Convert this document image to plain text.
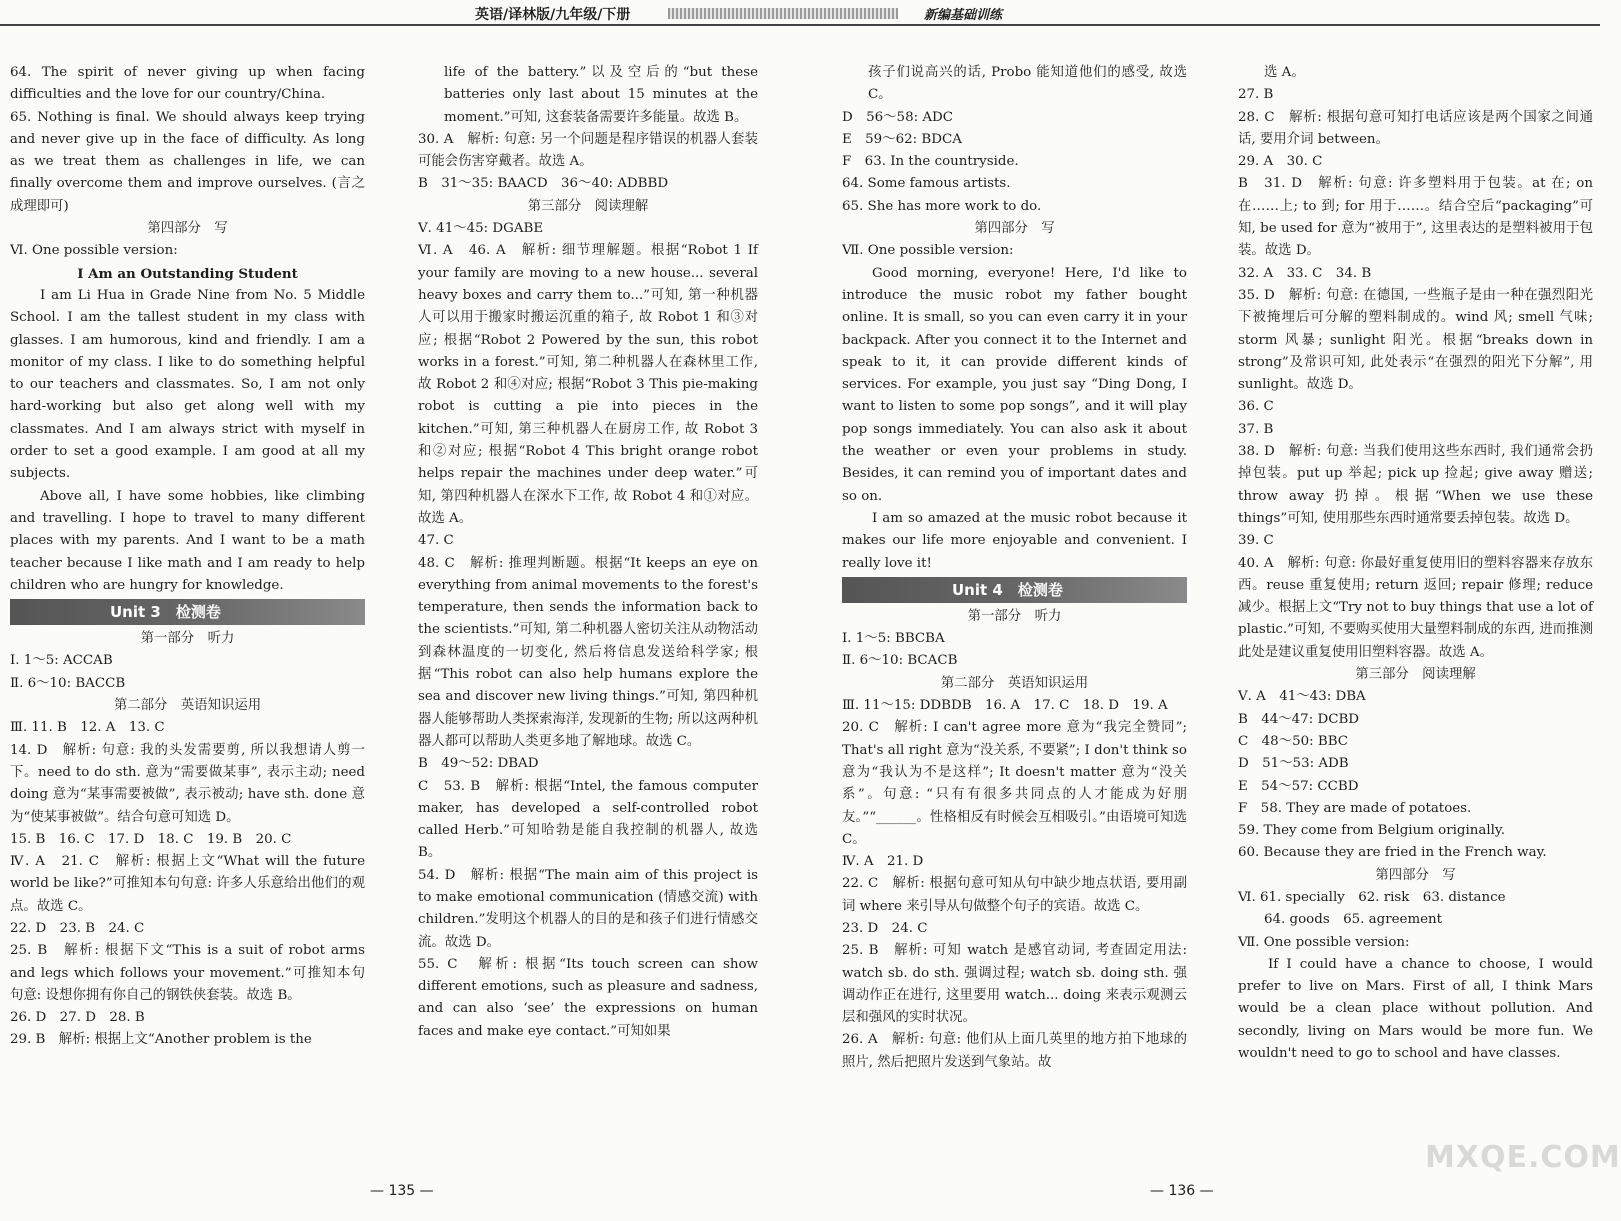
英语/译林版/九年级/下册	新编基础训练

64. The spirit of never giving up when facing difficulties and the love for our country/China.

65. Nothing is final. We should always keep trying and never give up in the face of difficulty. As long as we treat them as challenges in life, we can finally overcome them and improve ourselves. (言之成理即可)

第四部分　写

Ⅵ. One possible version:

I Am an Outstanding Student

I am Li Hua in Grade Nine from No. 5 Middle School. I am the tallest student in my class with glasses. I am humorous, kind and friendly. I am a monitor of my class. I like to do something helpful to our teachers and classmates. So, I am not only hard-working but also get along well with my classmates. And I am always strict with myself in order to set a good example. I am good at all my subjects.

Above all, I have some hobbies, like climbing and travelling. I hope to travel to many different places with my parents. And I want to be a math teacher because I like math and I am ready to help children who are hungry for knowledge.

Unit 3　检测卷

第一部分　听力

Ⅰ. 1～5: ACCAB

Ⅱ. 6～10: BACCB

第二部分　英语知识运用

Ⅲ. 11. B　12. A　13. C

14. D　解析: 句意: 我的头发需要剪, 所以我想请人剪一下。need to do sth. 意为“需要做某事”, 表示主动; need doing 意为“某事需要被做”, 表示被动; have sth. done 意为“使某事被做”。结合句意可知选 D。

15. B　16. C　17. D　18. C　19. B　20. C

Ⅳ. A　21. C　解析: 根据上文“What will the future world be like?”可推知本句句意: 许多人乐意给出他们的观点。故选 C。

22. D　23. B　24. C

25. B　解析: 根据下文“This is a suit of robot arms and legs which follows your movement.”可推知本句句意: 设想你拥有你自己的钢铁侠套装。故选 B。

26. D　27. D　28. B

29. B　解析: 根据上文“Another problem is the

life of the battery.”以及空后的“but these batteries only last about 15 minutes at the moment.”可知, 这套装备需要许多能量。故选 B。

30. A　解析: 句意: 另一个问题是程序错误的机器人套装可能会伤害穿戴者。故选 A。

B　31～35: BAACD　36～40: ADBBD

第三部分　阅读理解

Ⅴ. 41～45: DGABE

Ⅵ. A　46. A　解析: 细节理解题。根据“Robot 1 If your family are moving to a new house... several heavy boxes and carry them to...”可知, 第一种机器人可以用于搬家时搬运沉重的箱子, 故 Robot 1 和③对应; 根据“Robot 2 Powered by the sun, this robot works in a forest.”可知, 第二种机器人在森林里工作, 故 Robot 2 和④对应; 根据“Robot 3 This pie-making robot is cutting a pie into pieces in the kitchen.”可知, 第三种机器人在厨房工作, 故 Robot 3 和②对应; 根据“Robot 4 This bright orange robot helps repair the machines under deep water.”可知, 第四种机器人在深水下工作, 故 Robot 4 和①对应。故选 A。

47. C

48. C　解析: 推理判断题。根据“It keeps an eye on everything from animal movements to the forest's temperature, then sends the information back to the scientists.”可知, 第二种机器人密切关注从动物活动到森林温度的一切变化, 然后将信息发送给科学家; 根据“This robot can also help humans explore the sea and discover new living things.”可知, 第四种机器人能够帮助人类探索海洋, 发现新的生物; 所以这两种机器人都可以帮助人类更多地了解地球。故选 C。

B　49～52: DBAD

C　53. B　解析: 根据“Intel, the famous computer maker, has developed a self-controlled robot called Herb.”可知哈勃是能自我控制的机器人, 故选 B。

54. D　解析: 根据“The main aim of this project is to make emotional communication (情感交流) with children.”发明这个机器人的目的是和孩子们进行情感交流。故选 D。

55. C　解析: 根据“Its touch screen can show different emotions, such as pleasure and sadness, and can also ‘see’ the expressions on human faces and make eye contact.”可知如果

孩子们说高兴的话, Probo 能知道他们的感受, 故选 C。

D　56～58: ADC

E　59～62: BDCA

F　63. In the countryside.

64. Some famous artists.

65. She has more work to do.

第四部分　写

Ⅶ. One possible version:

Good morning, everyone! Here, I'd like to introduce the music robot my father bought online. It is small, so you can even carry it in your backpack. After you connect it to the Internet and speak to it, it can provide different kinds of services. For example, you just say “Ding Dong, I want to listen to some pop songs”, and it will play pop songs immediately. You can also ask it about the weather or even your problems in study. Besides, it can remind you of important dates and so on.

I am so amazed at the music robot because it makes our life more enjoyable and convenient. I really love it!

Unit 4　检测卷

第一部分　听力

Ⅰ. 1～5: BBCBA

Ⅱ. 6～10: BCACB

第二部分　英语知识运用

Ⅲ. 11～15: DDBDB　16. A　17. C　18. D　19. A

20. C　解析: I can't agree more 意为“我完全赞同”; That's all right 意为“没关系, 不要紧”; I don't think so 意为“我认为不是这样”; It doesn't matter 意为“没关系”。句意: “只有有很多共同点的人才能成为好朋友。”“______。性格相反有时候会互相吸引。”由语境可知选 C。

Ⅳ. A　21. D

22. C　解析: 根据句意可知从句中缺少地点状语, 要用副词 where 来引导从句做整个句子的宾语。故选 C。

23. D　24. C

25. B　解析: 可知 watch 是感官动词, 考查固定用法: watch sb. do sth. 强调过程; watch sb. doing sth. 强调动作正在进行, 这里要用 watch... doing 来表示观测云层和强风的实时状况。

26. A　解析: 句意: 他们从上面几英里的地方拍下地球的照片, 然后把照片发送到气象站。故

选 A。

27. B

28. C　解析: 根据句意可知打电话应该是两个国家之间通话, 要用介词 between。

29. A　30. C

B　31. D　解析: 句意: 许多塑料用于包装。at 在; on 在……上; to 到; for 用于……。结合空后“packaging”可知, be used for 意为“被用于”, 这里表达的是塑料被用于包装。故选 D。

32. A　33. C　34. B

35. D　解析: 句意: 在德国, 一些瓶子是由一种在强烈阳光下被掩埋后可分解的塑料制成的。wind 风; smell 气味; storm 风暴; sunlight 阳光。根据“breaks down in strong”及常识可知, 此处表示“在强烈的阳光下分解”, 用 sunlight。故选 D。

36. C

37. B

38. D　解析: 句意: 当我们使用这些东西时, 我们通常会扔掉包装。put up 举起; pick up 捡起; give away 赠送; throw away 扔掉。根据“When we use these things”可知, 使用那些东西时通常要丢掉包装。故选 D。

39. C

40. A　解析: 句意: 你最好重复使用旧的塑料容器来存放东西。reuse 重复使用; return 返回; repair 修理; reduce 减少。根据上文“Try not to buy things that use a lot of plastic.”可知, 不要购买使用大量塑料制成的东西, 进而推测此处是建议重复使用旧塑料容器。故选 A。

第三部分　阅读理解

Ⅴ. A　41～43: DBA

B　44～47: DCBD

C　48～50: BBC

D　51～53: ADB

E　54～57: CCBD

F　58. They are made of potatoes.

59. They come from Belgium originally.

60. Because they are fried in the French way.

第四部分　写

Ⅵ. 61. specially　62. risk　63. distance

64. goods　65. agreement

Ⅶ. One possible version:

If I could have a chance to choose, I would prefer to live on Mars. First of all, I think Mars would be a clean place without pollution. And secondly, living on Mars would be more fun. We wouldn't need to go to school and have classes.

— 135 —	— 136 —
MXQE.COM
